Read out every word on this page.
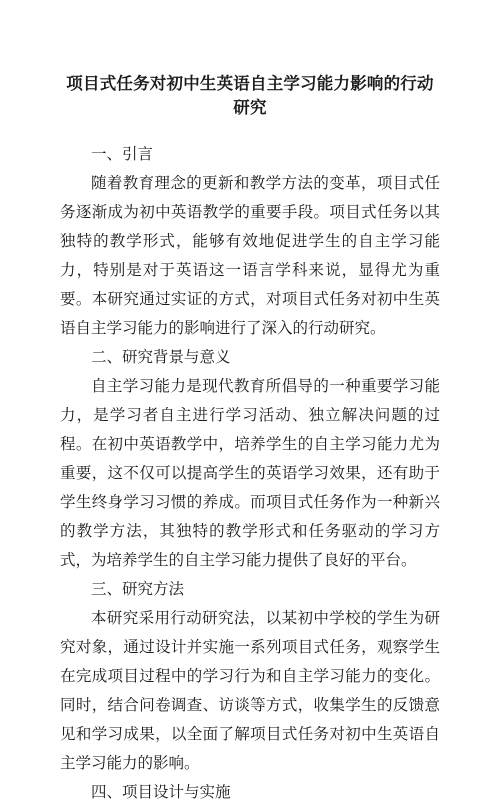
项目式任务对初中生英语自主学习能力影响的行动研究

一、引言

随着教育理念的更新和教学方法的变革，项目式任务逐渐成为初中英语教学的重要手段。项目式任务以其独特的教学形式，能够有效地促进学生的自主学习能力，特别是对于英语这一语言学科来说，显得尤为重要。本研究通过实证的方式，对项目式任务对初中生英语自主学习能力的影响进行了深入的行动研究。

二、研究背景与意义

自主学习能力是现代教育所倡导的一种重要学习能力，是学习者自主进行学习活动、独立解决问题的过程。在初中英语教学中，培养学生的自主学习能力尤为重要，这不仅可以提高学生的英语学习效果，还有助于学生终身学习习惯的养成。而项目式任务作为一种新兴的教学方法，其独特的教学形式和任务驱动的学习方式，为培养学生的自主学习能力提供了良好的平台。

三、研究方法

本研究采用行动研究法，以某初中学校的学生为研究对象，通过设计并实施一系列项目式任务，观察学生在完成项目过程中的学习行为和自主学习能力的变化。同时，结合问卷调查、访谈等方式，收集学生的反馈意见和学习成果，以全面了解项目式任务对初中生英语自主学习能力的影响。

四、项目设计与实施
